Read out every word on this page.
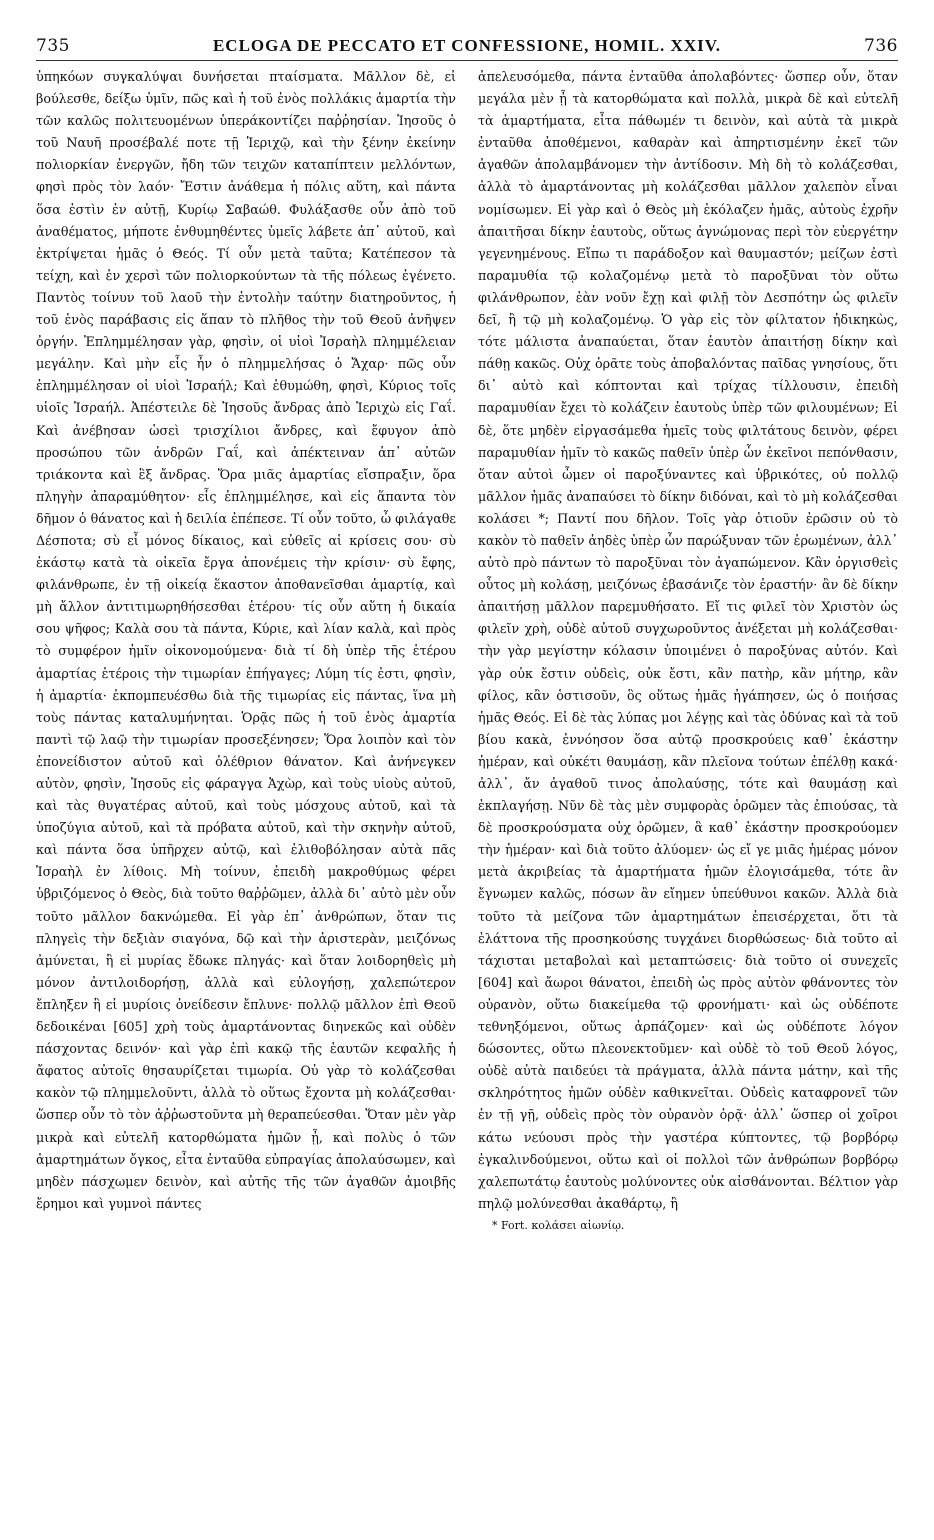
735	ECLOGA DE PECCATO ET CONFESSIONE, HOMIL. XXIV.	736

ὑπηκόων συγκαλύψαι δυνήσεται πταίσματα. Μᾶλλον δὲ, εἰ βούλεσθε, δείξω ὑμῖν, πῶς καὶ ἡ τοῦ ἑνὸς πολλάκις ἁμαρτία τὴν τῶν καλῶς πολιτευομένων ὑπεράκοντίζει παῤῥησίαν. Ἰησοῦς ὁ τοῦ Ναυῆ προσέβαλέ ποτε τῇ Ἱεριχῷ, καὶ τὴν ξένην ἐκείνην πολιορκίαν ἐνεργῶν, ἤδη τῶν τειχῶν καταπίπτειν μελλόντων, φησὶ πρὸς τὸν λαόν· Ἔστιν ἀνάθεμα ἡ πόλις αὕτη, καὶ πάντα ὅσα ἐστὶν ἐν αὐτῇ, Κυρίῳ Σαβαώθ. Φυλάξασθε οὖν ἀπὸ τοῦ ἀναθέματος, μήποτε ἐνθυμηθέντες ὑμεῖς λάβετε ἀπ᾽ αὐτοῦ, καὶ ἐκτρίψεται ἡμᾶς ὁ Θεός. Τί οὖν μετὰ ταῦτα; Κατέπεσον τὰ τείχη, καὶ ἐν χερσὶ τῶν πολιορκούντων τὰ τῆς πόλεως ἐγένετο. Παντὸς τοίνυν τοῦ λαοῦ τὴν ἐντολὴν ταύτην διατηροῦντος, ἡ τοῦ ἑνὸς παράβασις εἰς ἅπαν τὸ πλῆθος τὴν τοῦ Θεοῦ ἀνῆψεν ὀργήν. Ἐπλημμέλησαν γὰρ, φησὶν, οἱ υἱοὶ Ἰσραὴλ πλημμέλειαν μεγάλην. Καὶ μὴν εἷς ἦν ὁ πλημμελήσας ὁ Ἄχαρ· πῶς οὖν ἐπλημμέλησαν οἱ υἱοὶ Ἰσραήλ; Καὶ ἐθυμώθη, φησὶ, Κύριος τοῖς υἱοῖς Ἰσραήλ. Ἀπέστειλε δὲ Ἰησοῦς ἄνδρας ἀπὸ Ἱεριχὼ εἰς Γαΐ. Καὶ ἀνέβησαν ὡσεὶ τρισχίλιοι ἄνδρες, καὶ ἔφυγον ἀπὸ προσώπου τῶν ἀνδρῶν Γαΐ, καὶ ἀπέκτειναν ἀπ᾽ αὐτῶν τριάκοντα καὶ ἓξ ἄνδρας. Ὅρα μιᾶς ἁμαρτίας εἴσπραξιν, ὅρα πληγὴν ἀπαραμύθητον· εἷς ἐπλημμέλησε, καὶ εἰς ἅπαντα τὸν δῆμον ὁ θάνατος καὶ ἡ δειλία ἐπέπεσε. Τί οὖν τοῦτο, ὦ φιλάγαθε Δέσποτα; σὺ εἶ μόνος δίκαιος, καὶ εὐθεῖς αἱ κρίσεις σου· σὺ ἑκάστῳ κατὰ τὰ οἰκεῖα ἔργα ἀπονέμεις τὴν κρίσιν· σὺ ἔφης, φιλάνθρωπε, ἐν τῇ οἰκείᾳ ἕκαστον ἀποθανεῖσθαι ἁμαρτίᾳ, καὶ μὴ ἄλλον ἀντιτιμωρηθήσεσθαι ἑτέρου· τίς οὖν αὕτη ἡ δικαία σου ψῆφος; Καλὰ σου τὰ πάντα, Κύριε, καὶ λίαν καλὰ, καὶ πρὸς τὸ συμφέρον ἡμῖν οἰκονομούμενα· διὰ τί δὴ ὑπὲρ τῆς ἑτέρου ἁμαρτίας ἑτέροις τὴν τιμωρίαν ἐπήγαγες; Λύμη τίς ἐστι, φησὶν, ἡ ἁμαρτία· ἐκπομπευέσθω διὰ τῆς τιμωρίας εἰς πάντας, ἵνα μὴ τοὺς πάντας καταλυμήνηται. Ὁρᾷς πῶς ἡ τοῦ ἑνὸς ἁμαρτία παντὶ τῷ λαῷ τὴν τιμωρίαν προσεξένησεν; Ὅρα λοιπὸν καὶ τὸν ἐπονείδιστον αὐτοῦ καὶ ὀλέθριον θάνατον. Καὶ ἀνήνεγκεν αὐτὸν, φησὶν, Ἰησοῦς εἰς φάραγγα Ἀχὼρ, καὶ τοὺς υἱοὺς αὐτοῦ, καὶ τὰς θυγατέρας αὐτοῦ, καὶ τοὺς μόσχους αὐτοῦ, καὶ τὰ ὑποζύγια αὐτοῦ, καὶ τὰ πρόβατα αὐτοῦ, καὶ τὴν σκηνὴν αὐτοῦ, καὶ πάντα ὅσα ὑπῆρχεν αὐτῷ, καὶ ἐλιθοβόλησαν αὐτὰ πᾶς Ἰσραὴλ ἐν λίθοις. Μὴ τοίνυν, ἐπειδὴ μακροθύμως φέρει ὑβριζόμενος ὁ Θεὸς, διὰ τοῦτο θαῤῥῶμεν, ἀλλὰ δι᾽ αὐτὸ μὲν οὖν τοῦτο μᾶλλον δακνώμεθα. Εἰ γὰρ ἐπ᾽ ἀνθρώπων, ὅταν τις πληγεὶς τὴν δεξιὰν σιαγόνα, δῷ καὶ τὴν ἀριστερὰν, μειζόνως ἀμύνεται, ἢ εἰ μυρίας ἔδωκε πληγάς· καὶ ὅταν λοιδορηθεὶς μὴ μόνον ἀντιλοιδορήσῃ, ἀλλὰ καὶ εὐλογήσῃ, χαλεπώτερον ἔπληξεν ἢ εἰ μυρίοις ὀνείδεσιν ἔπλυνε· πολλῷ μᾶλλον ἐπὶ Θεοῦ δεδοικέναι [605] χρὴ τοὺς ἁμαρτάνοντας διηνεκῶς καὶ οὐδὲν πάσχοντας δεινόν· καὶ γὰρ ἐπὶ κακῷ τῆς ἑαυτῶν κεφαλῆς ἡ ἄφατος αὐτοῖς θησαυρίζεται τιμωρία. Οὐ γὰρ τὸ κολάζεσθαι κακὸν τῷ πλημμελοῦντι, ἀλλὰ τὸ οὕτως ἔχοντα μὴ κολάζεσθαι· ὥσπερ οὖν τὸ τὸν ἀῤῥωστοῦντα μὴ θεραπεύεσθαι. Ὅταν μὲν γὰρ μικρὰ καὶ εὐτελῆ κατορθώματα ἡμῶν ᾖ, καὶ πολὺς ὁ τῶν ἁμαρτημάτων ὄγκος, εἶτα ἐνταῦθα εὐπραγίας ἀπολαύσωμεν, καὶ μηδὲν πάσχωμεν δεινὸν, καὶ αὐτῆς τῆς τῶν ἀγαθῶν ἀμοιβῆς ἔρημοι καὶ γυμνοὶ πάντες

ἀπελευσόμεθα, πάντα ἐνταῦθα ἀπολαβόντες· ὥσπερ οὖν, ὅταν μεγάλα μὲν ᾖ τὰ κατορθώματα καὶ πολλὰ, μικρὰ δὲ καὶ εὐτελῆ τὰ ἁμαρτήματα, εἶτα πάθωμέν τι δεινὸν, καὶ αὐτὰ τὰ μικρὰ ἐνταῦθα ἀποθέμενοι, καθαρὰν καὶ ἀπηρτισμένην ἐκεῖ τῶν ἀγαθῶν ἀπολαμβάνομεν τὴν ἀντίδοσιν. Μὴ δὴ τὸ κολάζεσθαι, ἀλλὰ τὸ ἁμαρτάνοντας μὴ κολάζεσθαι μᾶλλον χαλεπὸν εἶναι νομίσωμεν. Εἰ γὰρ καὶ ὁ Θεὸς μὴ ἐκόλαζεν ἡμᾶς, αὐτοὺς ἐχρῆν ἀπαιτῆσαι δίκην ἑαυτοὺς, οὕτως ἀγνώμονας περὶ τὸν εὐεργέτην γεγενημένους. Εἴπω τι παράδοξον καὶ θαυμαστόν; μείζων ἐστὶ παραμυθία τῷ κολαζομένῳ μετὰ τὸ παροξῦναι τὸν οὕτω φιλάνθρωπον, ἐὰν νοῦν ἔχῃ καὶ φιλῇ τὸν Δεσπότην ὡς φιλεῖν δεῖ, ἢ τῷ μὴ κολαζομένῳ. Ὁ γὰρ εἰς τὸν φίλτατον ἠδικηκὼς, τότε μάλιστα ἀναπαύεται, ὅταν ἑαυτὸν ἀπαιτήσῃ δίκην καὶ πάθῃ κακῶς. Οὐχ ὁρᾶτε τοὺς ἀποβαλόντας παῖδας γνησίους, ὅτι δι᾽ αὐτὸ καὶ κόπτονται καὶ τρίχας τίλλουσιν, ἐπειδὴ παραμυθίαν ἔχει τὸ κολάζειν ἑαυτοὺς ὑπὲρ τῶν φιλουμένων; Εἰ δὲ, ὅτε μηδὲν εἰργασάμεθα ἡμεῖς τοὺς φιλτάτους δεινὸν, φέρει παραμυθίαν ἡμῖν τὸ κακῶς παθεῖν ὑπὲρ ὧν ἐκεῖνοι πεπόνθασιν, ὅταν αὐτοὶ ὦμεν οἱ παροξύναντες καὶ ὑβρικότες, οὐ πολλῷ μᾶλλον ἡμᾶς ἀναπαύσει τὸ δίκην διδόναι, καὶ τὸ μὴ κολάζεσθαι κολάσει *; Παντί που δῆλον. Τοῖς γὰρ ὁτιοῦν ἐρῶσιν οὐ τὸ κακὸν τὸ παθεῖν ἀηδὲς ὑπὲρ ὧν παρώξυναν τῶν ἐρωμένων, ἀλλ᾽ αὐτὸ πρὸ πάντων τὸ παροξῦναι τὸν ἀγαπώμενον. Κἂν ὀργισθεὶς οὗτος μὴ κολάσῃ, μειζόνως ἐβασάνιζε τὸν ἐραστήν· ἂν δὲ δίκην ἀπαιτήσῃ μᾶλλον παρεμυθήσατο. Εἴ τις φιλεῖ τὸν Χριστὸν ὡς φιλεῖν χρὴ, οὐδὲ αὐτοῦ συγχωροῦντος ἀνέξεται μὴ κολάζεσθαι· τὴν γὰρ μεγίστην κόλασιν ὑποιμένει ὁ παροξύνας αὐτόν. Καὶ γὰρ οὐκ ἔστιν οὐδεὶς, οὐκ ἔστι, κἂν πατὴρ, κἂν μήτηρ, κἂν φίλος, κἂν ὁστισοῦν, ὃς οὕτως ἡμᾶς ἠγάπησεν, ὡς ὁ ποιήσας ἡμᾶς Θεός. Εἰ δὲ τὰς λύπας μοι λέγῃς καὶ τὰς ὀδύνας καὶ τὰ τοῦ βίου κακὰ, ἐννόησον ὅσα αὐτῷ προσκρούεις καθ᾽ ἑκάστην ἡμέραν, καὶ οὐκέτι θαυμάσῃ, κἂν πλεῖονα τούτων ἐπέλθῃ κακά· ἀλλ᾽, ἄν ἀγαθοῦ τινος ἀπολαύσῃς, τότε καὶ θαυμάσῃ καὶ ἐκπλαγήσῃ. Νῦν δὲ τὰς μὲν συμφορὰς ὁρῶμεν τὰς ἐπιούσας, τὰ δὲ προσκρούσματα οὐχ ὁρῶμεν, ἃ καθ᾽ ἑκάστην προσκρούομεν τὴν ἡμέραν· καὶ διὰ τοῦτο ἀλύομεν· ὡς εἴ γε μιᾶς ἡμέρας μόνον μετὰ ἀκριβείας τὰ ἁμαρτήματα ἡμῶν ἐλογισάμεθα, τότε ἂν ἔγνωμεν καλῶς, πόσων ἂν εἴημεν ὑπεύθυνοι κακῶν. Ἀλλὰ διὰ τοῦτο τὰ μείζονα τῶν ἁμαρτημάτων ἐπεισέρχεται, ὅτι τὰ ἐλάττονα τῆς προσηκούσης τυγχάνει διορθώσεως· διὰ τοῦτο αἱ τάχισται μεταβολαὶ καὶ μεταπτώσεις· διὰ τοῦτο οἱ συνεχεῖς [604] καὶ ἄωροι θάνατοι, ἐπειδὴ ὡς πρὸς αὐτὸν φθάνοντες τὸν οὐρανὸν, οὕτω διακείμεθα τῷ φρονήματι· καὶ ὡς οὐδέποτε τεθνηξόμενοι, οὕτως ἁρπάζομεν· καὶ ὡς οὐδέποτε λόγον δώσοντες, οὕτω πλεονεκτοῦμεν· καὶ οὐδὲ τὸ τοῦ Θεοῦ λόγος, οὐδὲ αὐτὰ παιδεύει τὰ πράγματα, ἀλλὰ πάντα μάτην, καὶ τῆς σκληρότητος ἡμῶν οὐδὲν καθικνεῖται. Οὐδεὶς καταφρονεῖ τῶν ἐν τῇ γῇ, οὐδεὶς πρὸς τὸν οὐρανὸν ὁρᾷ· ἀλλ᾽ ὥσπερ οἱ χοῖροι κάτω νεύουσι πρὸς τὴν γαστέρα κύπτοντες, τῷ βορβόρῳ ἐγκαλινδούμενοι, οὕτω καὶ οἱ πολλοὶ τῶν ἀνθρώπων βορβόρῳ χαλεπωτάτῳ ἑαυτοὺς μολύνοντες οὐκ αἰσθάνονται. Βέλτιον γὰρ πηλῷ μολύνεσθαι ἀκαθάρτῳ, ἢ

* Fort. κολάσει αἰωνίῳ.
